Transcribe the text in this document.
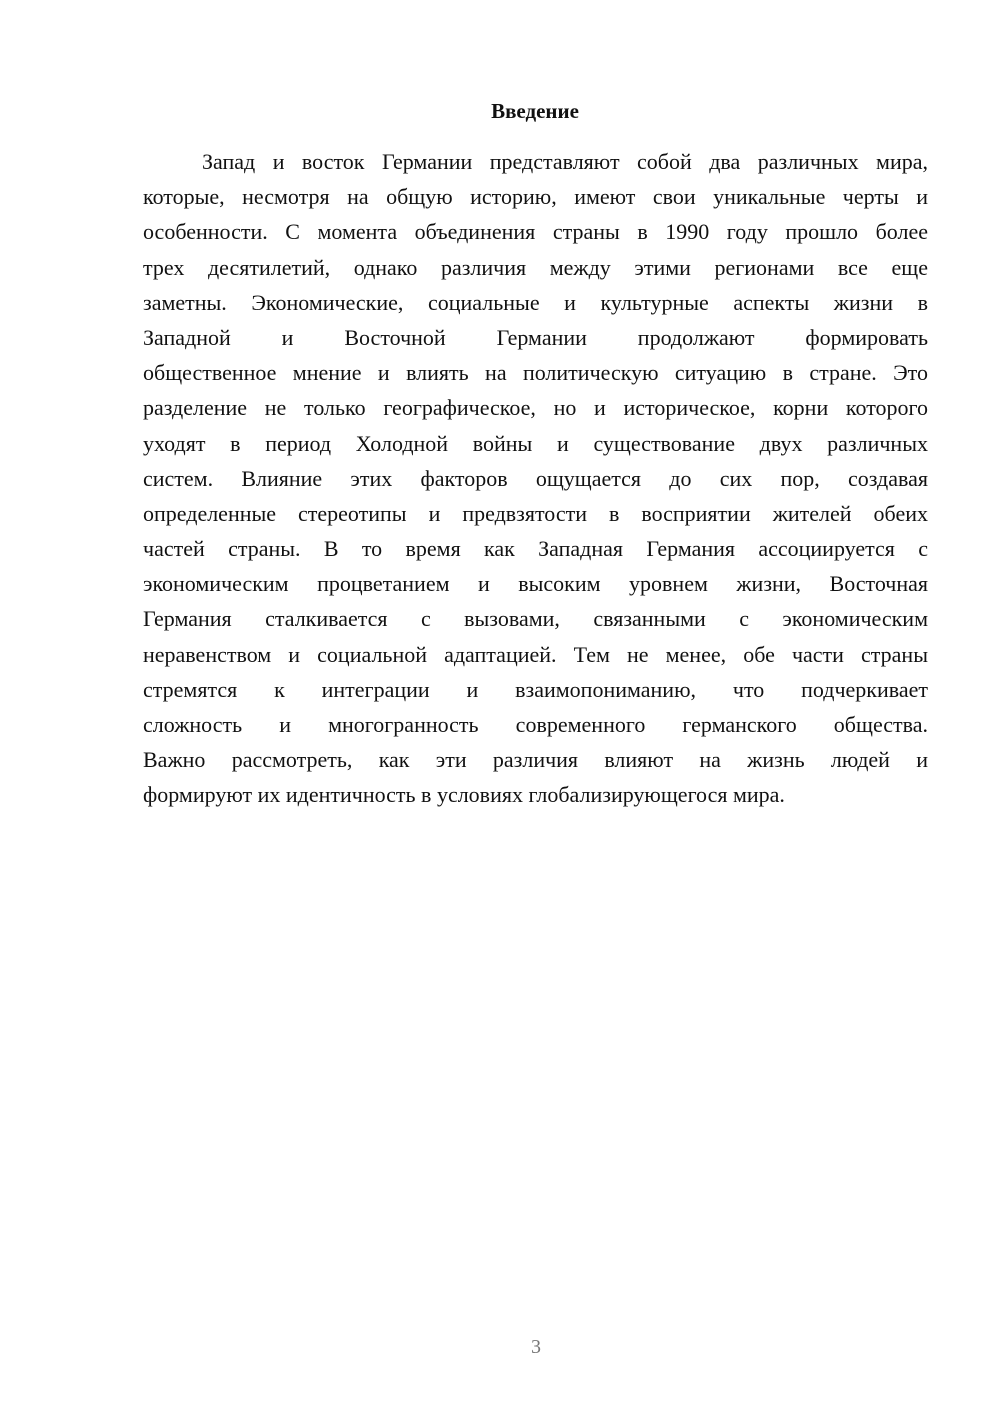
Введение
Запад и восток Германии представляют собой два различных мира,
которые, несмотря на общую историю, имеют свои уникальные черты и
особенности. С момента объединения страны в 1990 году прошло более
трех десятилетий, однако различия между этими регионами все еще
заметны. Экономические, социальные и культурные аспекты жизни в
Западной и Восточной Германии продолжают формировать
общественное мнение и влиять на политическую ситуацию в стране. Это
разделение не только географическое, но и историческое, корни которого
уходят в период Холодной войны и существование двух различных
систем. Влияние этих факторов ощущается до сих пор, создавая
определенные стереотипы и предвзятости в восприятии жителей обеих
частей страны. В то время как Западная Германия ассоциируется с
экономическим процветанием и высоким уровнем жизни, Восточная
Германия сталкивается с вызовами, связанными с экономическим
неравенством и социальной адаптацией. Тем не менее, обе части страны
стремятся к интеграции и взаимопониманию, что подчеркивает
сложность и многогранность современного германского общества.
Важно рассмотреть, как эти различия влияют на жизнь людей и
формируют их идентичность в условиях глобализирующегося мира.
3
